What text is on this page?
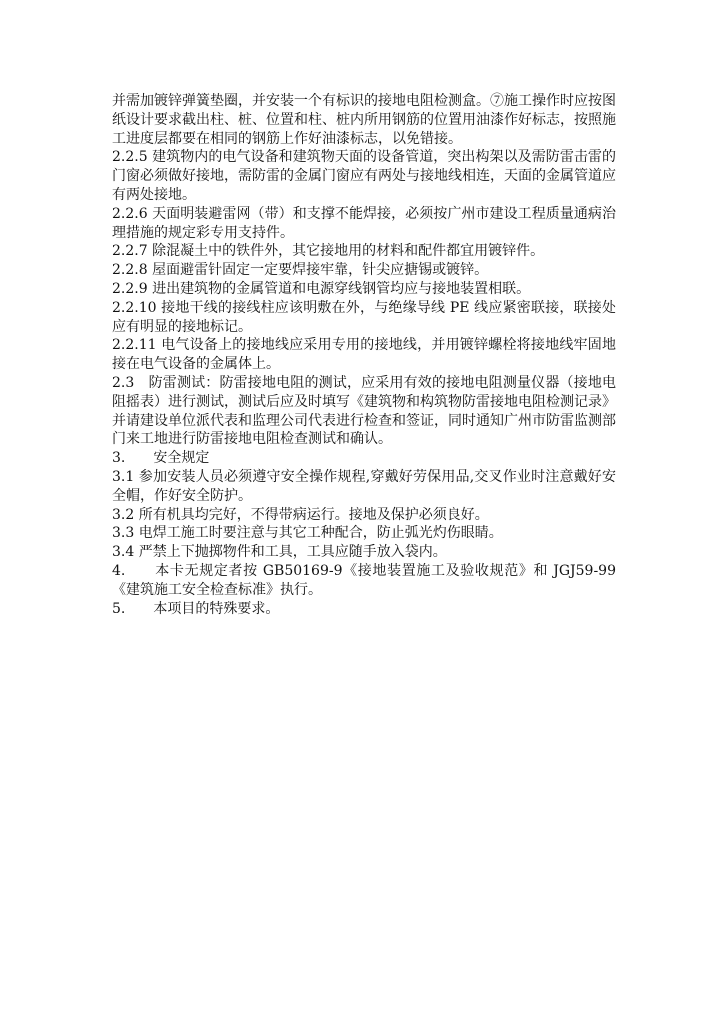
并需加镀锌弹簧垫圈，并安装一个有标识的接地电阻检测盒。⑦施工操作时应按图纸设计要求截出柱、桩、位置和柱、桩内所用钢筋的位置用油漆作好标志，按照施工进度层都要在相同的钢筋上作好油漆标志，以免错接。

2.2.5 建筑物内的电气设备和建筑物天面的设备管道，突出构架以及需防雷击雷的门窗必须做好接地，需防雷的金属门窗应有两处与接地线相连，天面的金属管道应有两处接地。

2.2.6 天面明装避雷网（带）和支撑不能焊接，必须按广州市建设工程质量通病治理措施的规定彩专用支持件。

2.2.7 除混凝土中的铁件外，其它接地用的材料和配件都宜用镀锌件。

2.2.8 屋面避雷针固定一定要焊接牢靠，针尖应搪锡或镀锌。

2.2.9 进出建筑物的金属管道和电源穿线钢管均应与接地装置相联。

2.2.10 接地干线的接线柱应该明敷在外，与绝缘导线 PE 线应紧密联接，联接处应有明显的接地标记。

2.2.11 电气设备上的接地线应采用专用的接地线，并用镀锌螺栓将接地线牢固地接在电气设备的金属体上。

2.3　防雷测试：防雷接地电阻的测试，应采用有效的接地电阻测量仪器（接地电阻摇表）进行测试，测试后应及时填写《建筑物和构筑物防雷接地电阻检测记录》

并请建设单位派代表和监理公司代表进行检查和签证，同时通知广州市防雷监测部门来工地进行防雷接地电阻检查测试和确认。

3.　　安全规定

3.1 参加安装人员必须遵守安全操作规程,穿戴好劳保用品,交叉作业时注意戴好安全帽，作好安全防护。

3.2 所有机具均完好，不得带病运行。接地及保护必须良好。

3.3 电焊工施工时要注意与其它工种配合，防止弧光灼伤眼睛。

3.4 严禁上下抛掷物件和工具，工具应随手放入袋内。

4.　　本卡无规定者按 GB50169-9《接地装置施工及验收规范》和 JGJ59-99《建筑施工安全检查标准》执行。

5.　　本项目的特殊要求。
